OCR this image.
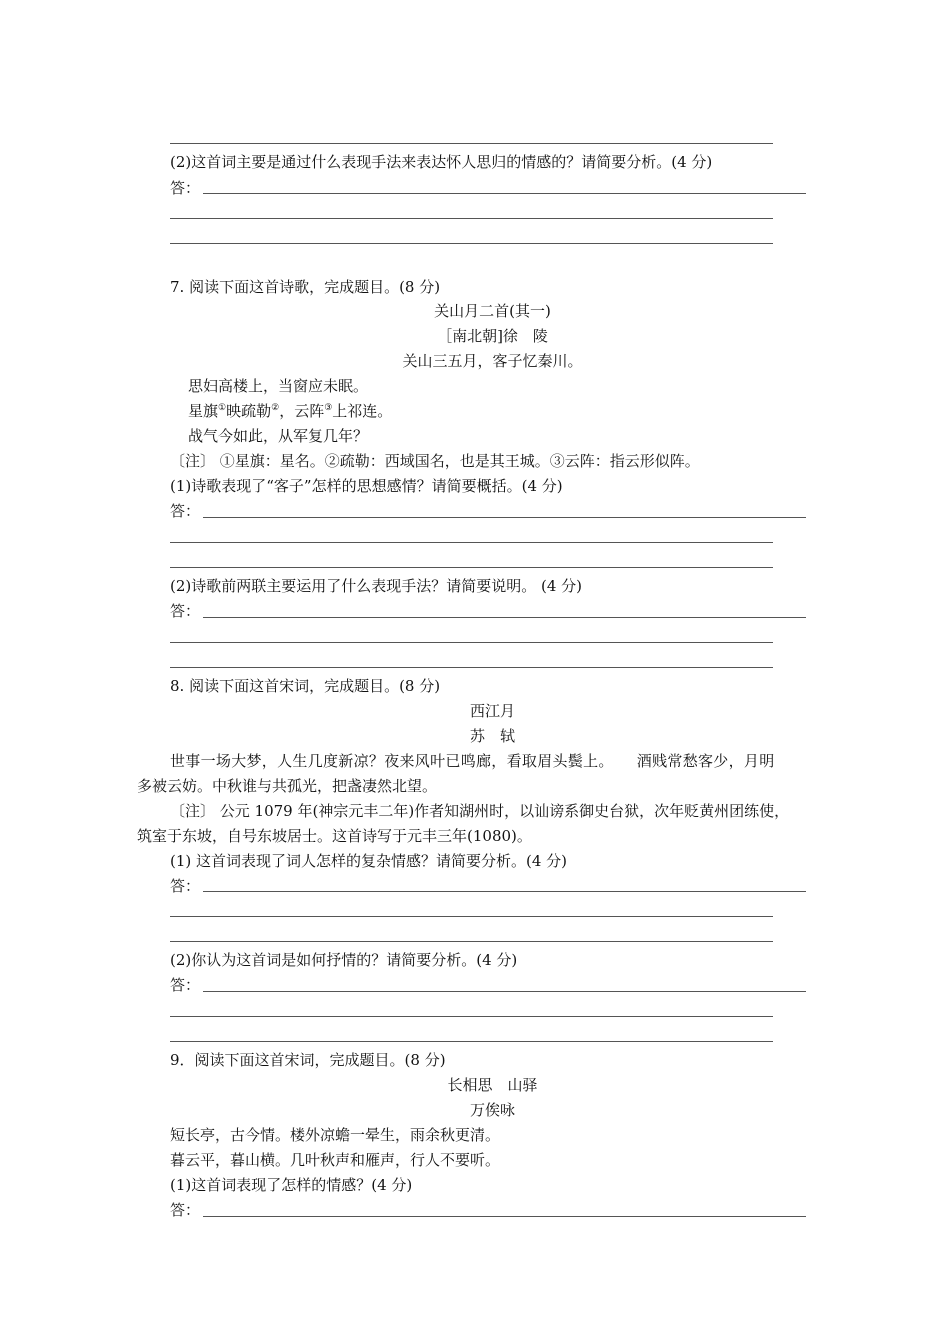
(2)这首词主要是通过什么表现手法来表达怀人思归的情感的？请简要分析。(4 分)
答：
7. 阅读下面这首诗歌，完成题目。(8 分)
关山月二首(其一)
［南北朝]徐　陵
关山三五月，客子忆秦川。
思妇高楼上，当窗应未眠。
星旗①映疏勒②，云阵③上祁连。
战气今如此，从军复几年？
〔注〕 ①星旗：星名。②疏勒：西域国名，也是其王城。③云阵：指云形似阵。
(1)诗歌表现了“客子”怎样的思想感情？请简要概括。(4 分)
答：
(2)诗歌前两联主要运用了什么表现手法？请简要说明。 (4 分)
答：
8. 阅读下面这首宋词，完成题目。(8 分)
西江月
苏　轼
世事一场大梦，人生几度新凉？夜来风叶已鸣廊，看取眉头鬓上。　　酒贱常愁客少，月明
多被云妨。中秋谁与共孤光，把盏凄然北望。
〔注〕 公元 1079 年(神宗元丰二年)作者知湖州时，以讪谤系御史台狱，次年贬黄州团练使，
筑室于东坡，自号东坡居士。这首诗写于元丰三年(1080)。
(1) 这首词表现了词人怎样的复杂情感？请简要分析。(4 分)
答：
(2)你认为这首词是如何抒情的？请简要分析。(4 分)
答：
9．阅读下面这首宋词，完成题目。(8 分)
长相思　山驿
万俟咏
短长亭，古今情。楼外凉蟾一晕生，雨余秋更清。
暮云平，暮山横。几叶秋声和雁声，行人不要听。
(1)这首词表现了怎样的情感？(4 分)
答：
